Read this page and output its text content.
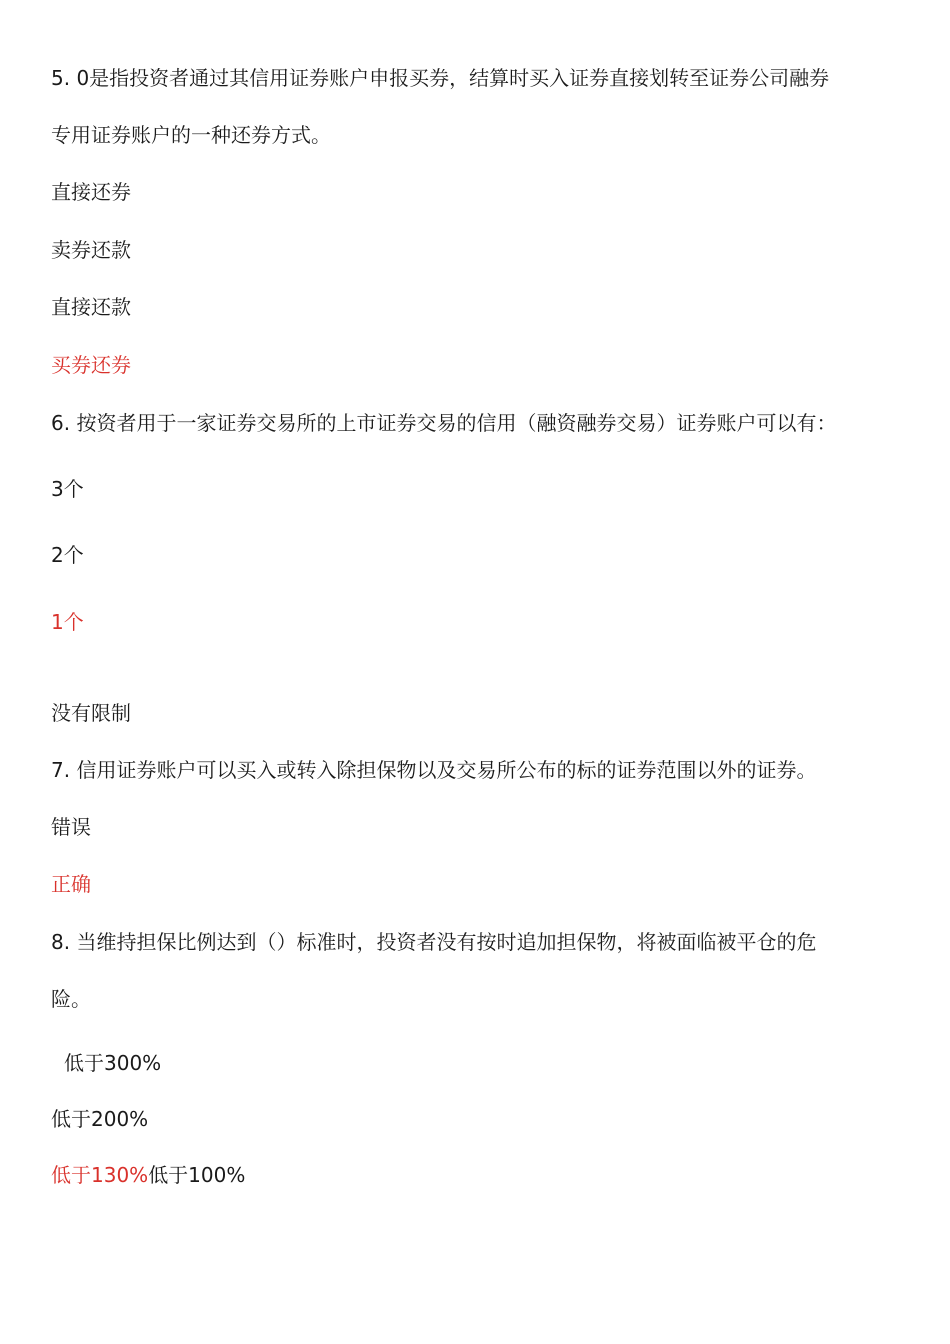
5. 0是指投资者通过其信用证券账户申报买券，结算时买入证券直接划转至证券公司融券
专用证券账户的一种还券方式。
直接还券
卖券还款
直接还款
买券还券
6. 按资者用于一家证券交易所的上市证券交易的信用（融资融券交易）证券账户可以有：
3个
2个
1个
没有限制
7. 信用证券账户可以买入或转入除担保物以及交易所公布的标的证券范围以外的证券。
错误
正确
8. 当维持担保比例达到（）标准时，投资者没有按时追加担保物，将被面临被平仓的危
险。
低于300%
低于200%
低于130%低于100%
